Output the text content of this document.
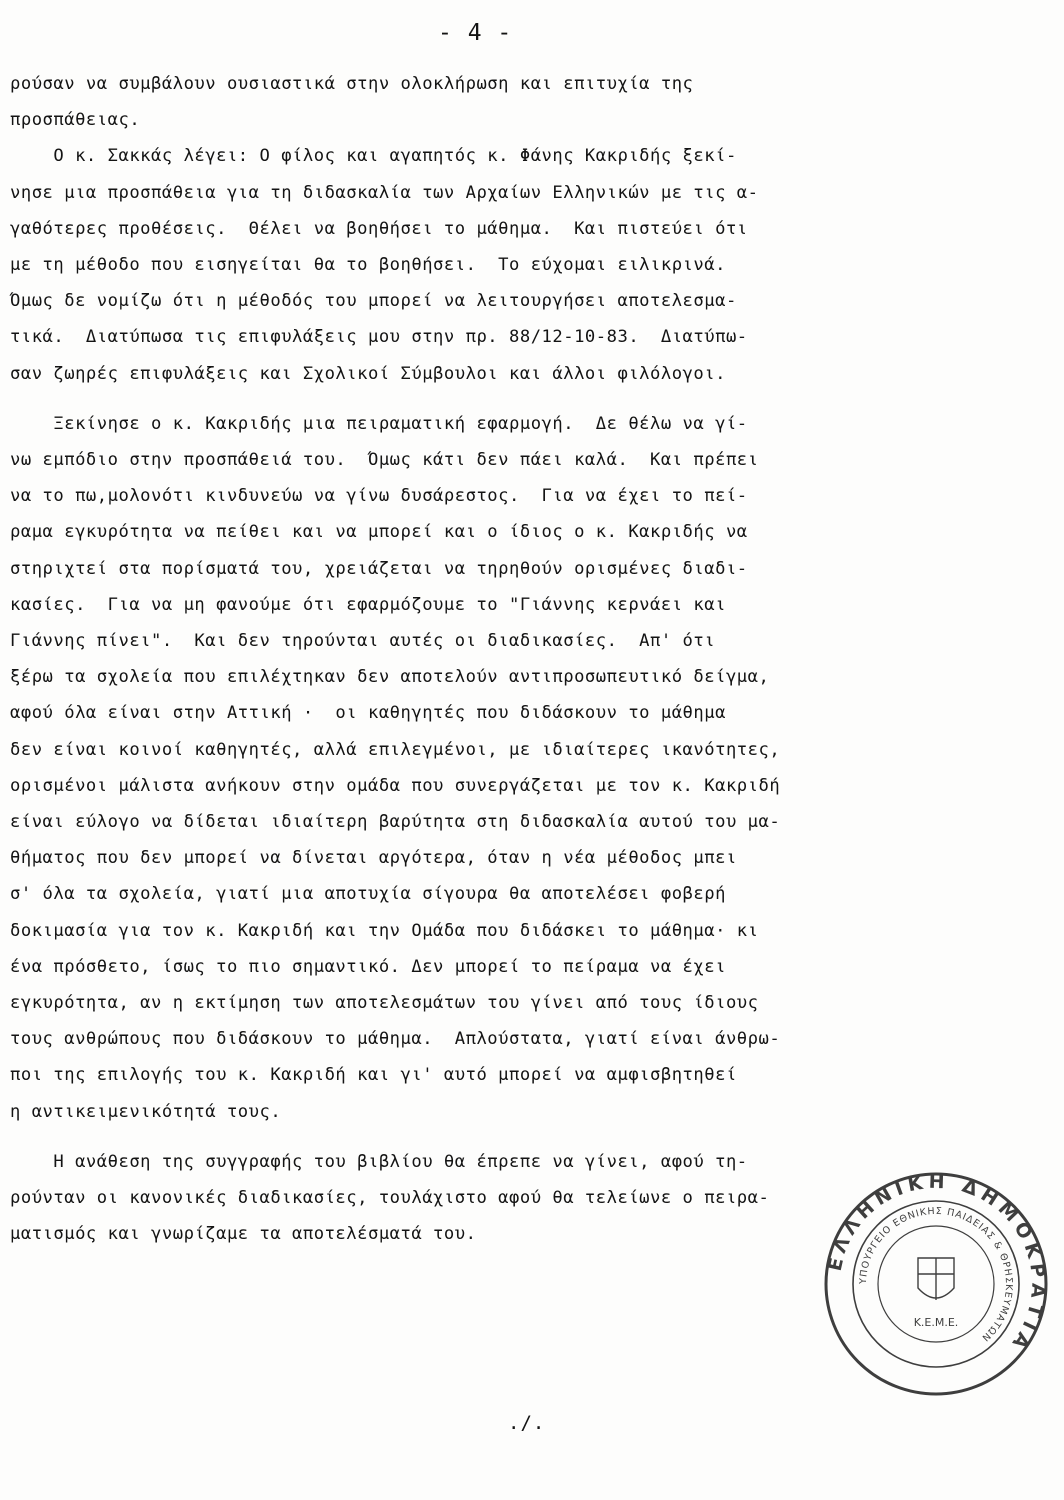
- 4 -
ρούσαν να συμβάλουν ουσιαστικά στην ολοκλήρωση και επιτυχία της
προσπάθειας.
Ο κ. Σακκάς λέγει: Ο φίλος και αγαπητός κ. Φάνης Κακριδής ξεκί-
νησε μια προσπάθεια για τη διδασκαλία των Αρχαίων Ελληνικών με τις α-
γαθότερες προθέσεις.  Θέλει να βοηθήσει το μάθημα.  Και πιστεύει ότι
με τη μέθοδο που εισηγείται θα το βοηθήσει.  Το εύχομαι ειλικρινά.
Όμως δε νομίζω ότι η μέθοδός του μπορεί να λειτουργήσει αποτελεσμα-
τικά.  Διατύπωσα τις επιφυλάξεις μου στην πρ. 88/12-10-83.  Διατύπω-
σαν ζωηρές επιφυλάξεις και Σχολικοί Σύμβουλοι και άλλοι φιλόλογοι.
Ξεκίνησε ο κ. Κακριδής μια πειραματική εφαρμογή.  Δε θέλω να γί-
νω εμπόδιο στην προσπάθειά του.  Όμως κάτι δεν πάει καλά.  Και πρέπει
να το πω,μολονότι κινδυνεύω να γίνω δυσάρεστος.  Για να έχει το πεί-
ραμα εγκυρότητα να πείθει και να μπορεί και ο ίδιος ο κ. Κακριδής να
στηριχτεί στα πορίσματά του, χρειάζεται να τηρηθούν ορισμένες διαδι-
κασίες.  Για να μη φανούμε ότι εφαρμόζουμε το "Γιάννης κερνάει και
Γιάννης πίνει".  Και δεν τηρούνται αυτές οι διαδικασίες.  Απ' ότι
ξέρω τα σχολεία που επιλέχτηκαν δεν αποτελούν αντιπροσωπευτικό δείγμα,
αφού όλα είναι στην Αττική ·  οι καθηγητές που διδάσκουν το μάθημα
δεν είναι κοινοί καθηγητές, αλλά επιλεγμένοι, με ιδιαίτερες ικανότητες,
ορισμένοι μάλιστα ανήκουν στην ομάδα που συνεργάζεται με τον κ. Κακριδή
είναι εύλογο να δίδεται ιδιαίτερη βαρύτητα στη διδασκαλία αυτού του μα-
θήματος που δεν μπορεί να δίνεται αργότερα, όταν η νέα μέθοδος μπει
σ' όλα τα σχολεία, γιατί μια αποτυχία σίγουρα θα αποτελέσει φοβερή
δοκιμασία για τον κ. Κακριδή και την Ομάδα που διδάσκει το μάθημα· κι
ένα πρόσθετο, ίσως το πιο σημαντικό. Δεν μπορεί το πείραμα να έχει
εγκυρότητα, αν η εκτίμηση των αποτελεσμάτων του γίνει από τους ίδιους
τους ανθρώπους που διδάσκουν το μάθημα.  Απλούστατα, γιατί είναι άνθρω-
ποι της επιλογής του κ. Κακριδή και γι' αυτό μπορεί να αμφισβητηθεί
η αντικειμενικότητά τους.
Η ανάθεση της συγγραφής του βιβλίου θα έπρεπε να γίνει, αφού τη-
ρούνταν οι κανονικές διαδικασίες, τουλάχιστο αφού θα τελείωνε ο πειρα-
ματισμός και γνωρίζαμε τα αποτελέσματά του.
ΕΛΛΗΝΙΚΗ ΔΗΜΟΚΡΑΤΙΑ
ΥΠΟΥΡΓΕΙΟ ΕΘΝΙΚΗΣ ΠΑΙΔΕΙΑΣ & ΘΡΗΣΚΕΥΜΑΤΩΝ
Κ.Ε.Μ.Ε.
./.
